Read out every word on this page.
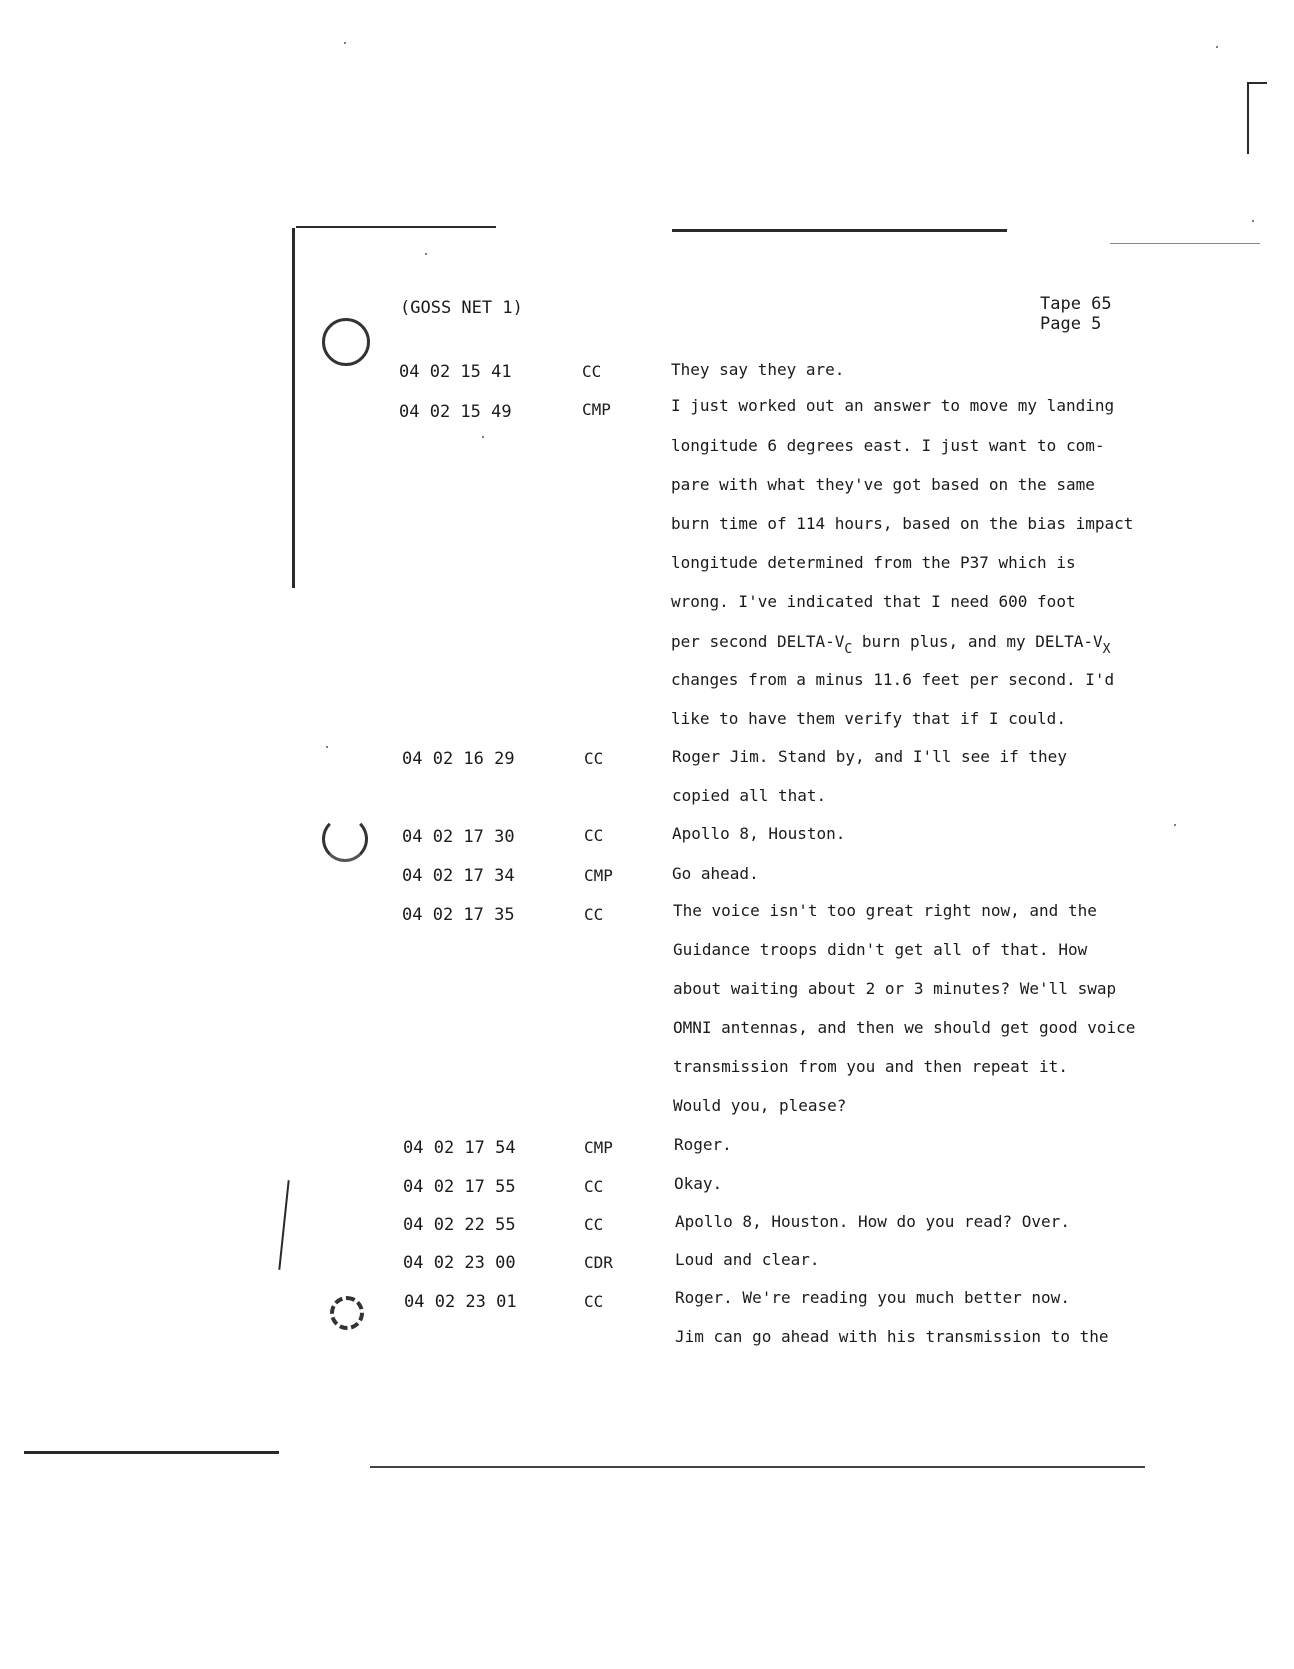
(GOSS NET 1)	Tape 65
Page 5
04 02 15 41	CC	They say they are.
04 02 15 49	CMP	I just worked out an answer to move my landing
longitude 6 degrees east. I just want to com-
pare with what they've got based on the same
burn time of 114 hours, based on the bias impact
longitude determined from the P37 which is
wrong. I've indicated that I need 600 foot
per second DELTA-$V_C$ burn plus, and my DELTA-$V_X$
changes from a minus 11.6 feet per second. I'd
like to have them verify that if I could.
04 02 16 29	CC	Roger Jim. Stand by, and I'll see if they
copied all that.
04 02 17 30	CC	Apollo 8, Houston.
04 02 17 34	CMP	Go ahead.
04 02 17 35	CC	The voice isn't too great right now, and the
Guidance troops didn't get all of that. How
about waiting about 2 or 3 minutes? We'll swap
OMNI antennas, and then we should get good voice
transmission from you and then repeat it.
Would you, please?
04 02 17 54	CMP	Roger.
04 02 17 55	CC	Okay.
04 02 22 55	CC	Apollo 8, Houston. How do you read? Over.
04 02 23 00	CDR	Loud and clear.
04 02 23 01	CC	Roger. We're reading you much better now.
Jim can go ahead with his transmission to the
